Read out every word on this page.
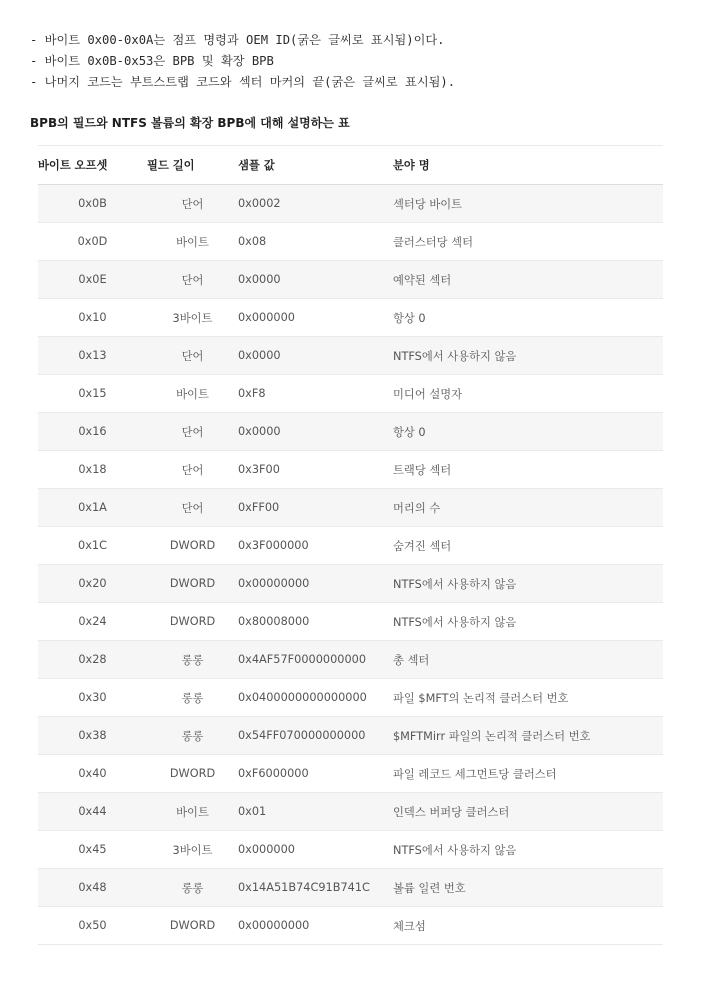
- 바이트 0x00-0x0A는 점프 명령과 OEM ID(굵은 글씨로 표시됨)이다.
- 바이트 0x0B-0x53은 BPB 및 확장 BPB
- 나머지 코드는 부트스트랩 코드와 섹터 마커의 끝(굵은 글씨로 표시됨).
BPB의 필드와 NTFS 볼륨의 확장 BPB에 대해 설명하는 표
바이트 오프셋	필드 길이	샘플 값	분야 명
0x0B	단어	0x0002	섹터당 바이트
0x0D	바이트	0x08	클러스터당 섹터
0x0E	단어	0x0000	예약된 섹터
0x10	3바이트	0x000000	항상 0
0x13	단어	0x0000	NTFS에서 사용하지 않음
0x15	바이트	0xF8	미디어 설명자
0x16	단어	0x0000	항상 0
0x18	단어	0x3F00	트랙당 섹터
0x1A	단어	0xFF00	머리의 수
0x1C	DWORD	0x3F000000	숨겨진 섹터
0x20	DWORD	0x00000000	NTFS에서 사용하지 않음
0x24	DWORD	0x80008000	NTFS에서 사용하지 않음
0x28	롱롱	0x4AF57F0000000000	총 섹터
0x30	롱롱	0x0400000000000000	파일 $MFT의 논리적 클러스터 번호
0x38	롱롱	0x54FF070000000000	$MFTMirr 파일의 논리적 클러스터 번호
0x40	DWORD	0xF6000000	파일 레코드 세그먼트당 클러스터
0x44	바이트	0x01	인덱스 버퍼당 클러스터
0x45	3바이트	0x000000	NTFS에서 사용하지 않음
0x48	롱롱	0x14A51B74C91B741C	볼륨 일련 번호
0x50	DWORD	0x00000000	체크섬
